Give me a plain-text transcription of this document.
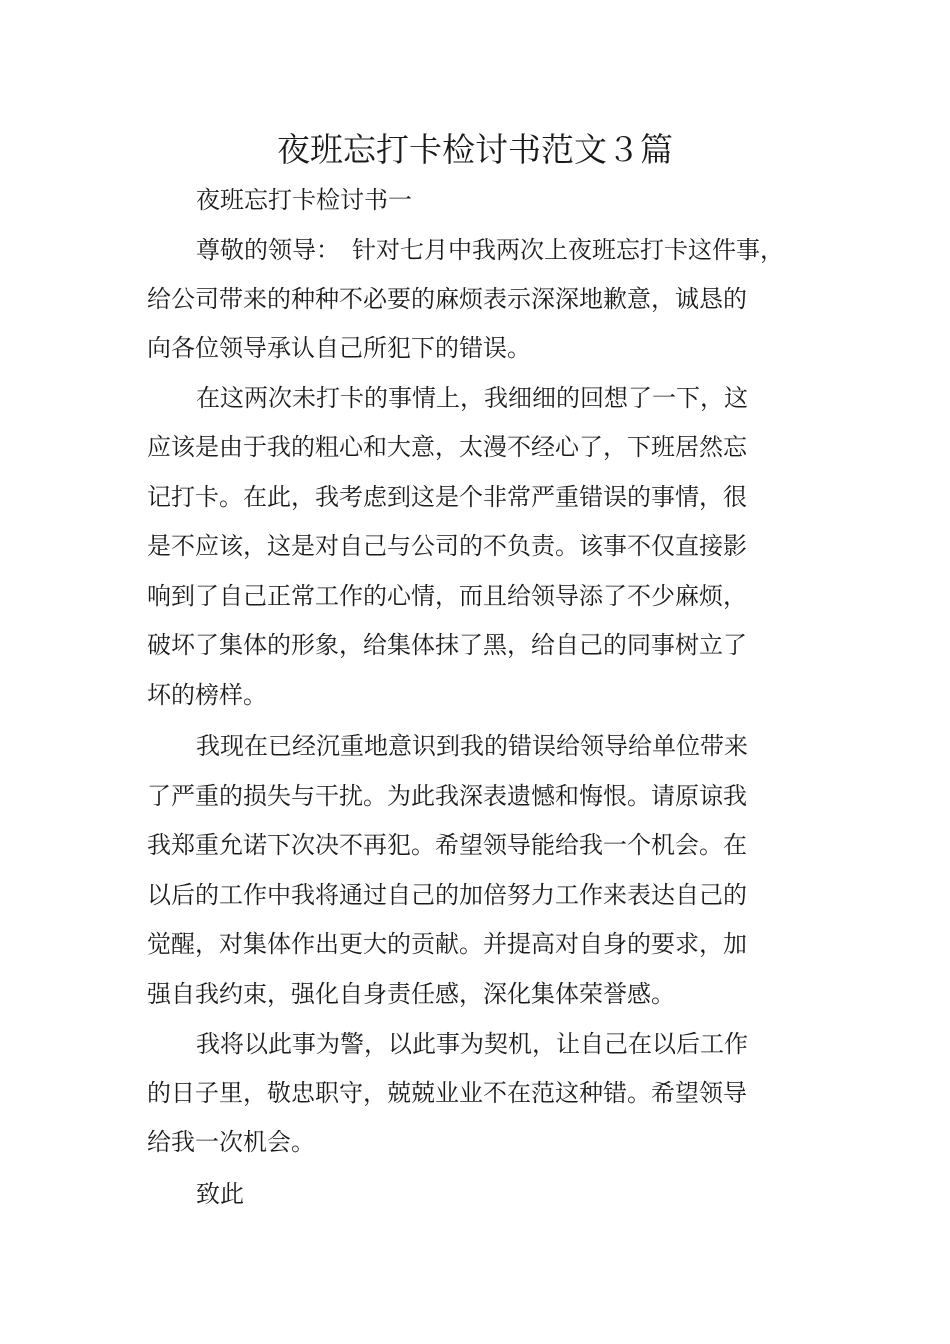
夜班忘打卡检讨书范文３篇

夜班忘打卡检讨书一

尊敬的领导：　针对七月中我两次上夜班忘打卡这件事，

给公司带来的种种不必要的麻烦表示深深地歉意，诚恳的

向各位领导承认自己所犯下的错误。

在这两次未打卡的事情上，我细细的回想了一下，这

应该是由于我的粗心和大意，太漫不经心了，下班居然忘

记打卡。在此，我考虑到这是个非常严重错误的事情，很

是不应该，这是对自己与公司的不负责。该事不仅直接影

响到了自己正常工作的心情，而且给领导添了不少麻烦，

破坏了集体的形象，给集体抹了黑，给自己的同事树立了

坏的榜样。

我现在已经沉重地意识到我的错误给领导给单位带来

了严重的损失与干扰。为此我深表遗憾和悔恨。请原谅我

我郑重允诺下次决不再犯。希望领导能给我一个机会。在

以后的工作中我将通过自己的加倍努力工作来表达自己的

觉醒，对集体作出更大的贡献。并提高对自身的要求，加

强自我约束，强化自身责任感，深化集体荣誉感。

我将以此事为警，以此事为契机，让自己在以后工作

的日子里，敬忠职守，兢兢业业不在范这种错。希望领导

给我一次机会。

致此
